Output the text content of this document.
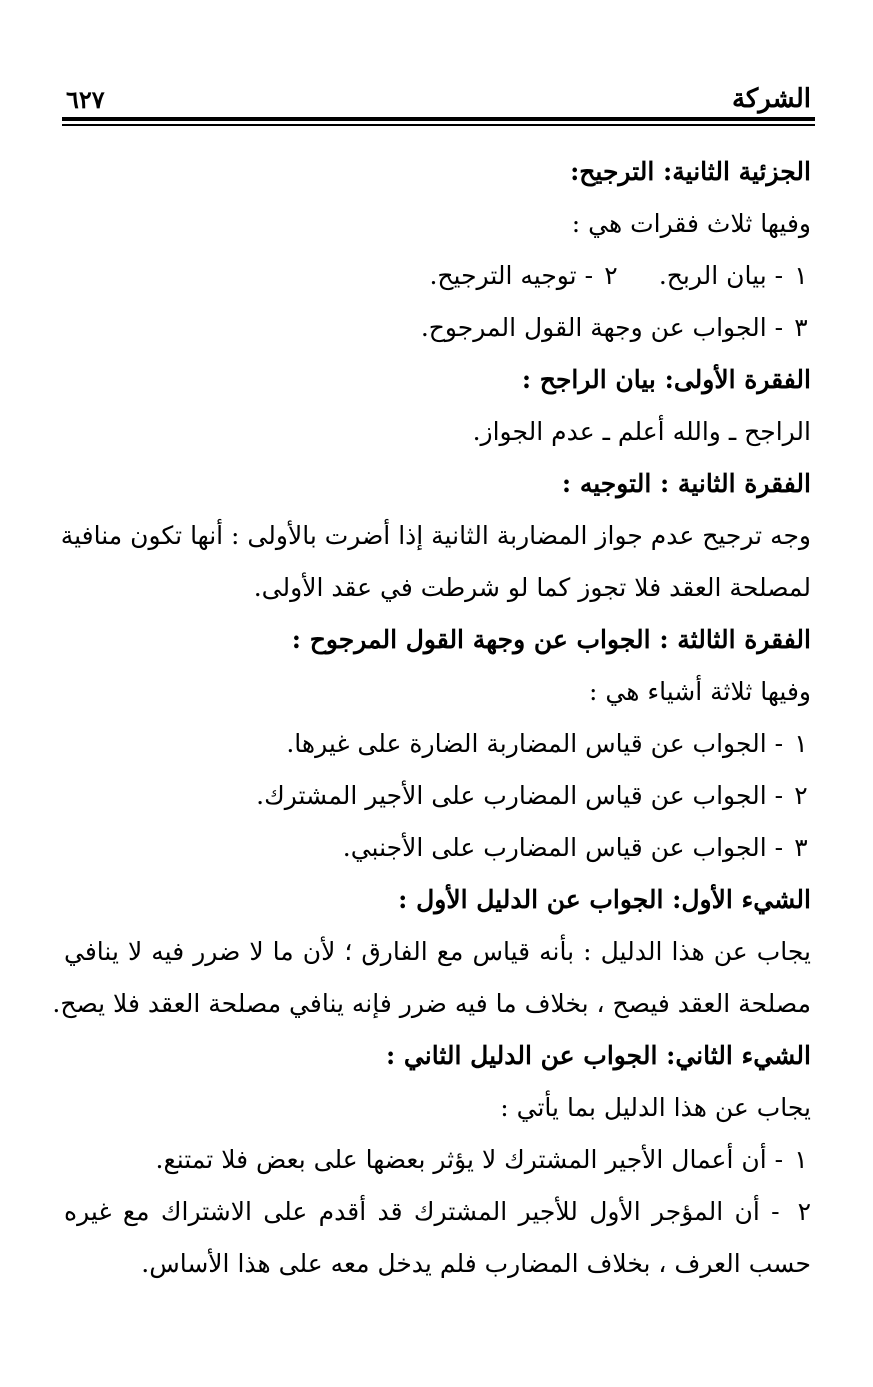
الشركة
٦٢٧
الجزئية الثانية: الترجيح:
وفيها ثلاث فقرات هي :
١ - بيان الربح.
٢ - توجيه الترجيح.
٣ - الجواب عن وجهة القول المرجوح.
الفقرة الأولى: بيان الراجح :
الراجح ـ والله أعلم ـ عدم الجواز.
الفقرة الثانية : التوجيه :
وجه ترجيح عدم جواز المضاربة الثانية إذا أضرت بالأولى : أنها تكون منافية
لمصلحة العقد فلا تجوز كما لو شرطت في عقد الأولى.
الفقرة الثالثة : الجواب عن وجهة القول المرجوح :
وفيها ثلاثة أشياء هي :
١ - الجواب عن قياس المضاربة الضارة على غيرها.
٢ - الجواب عن قياس المضارب على الأجير المشترك.
٣ - الجواب عن قياس المضارب على الأجنبي.
الشيء الأول: الجواب عن الدليل الأول :
يجاب عن هذا الدليل : بأنه قياس مع الفارق ؛ لأن ما لا ضرر فيه لا ينافي
مصلحة العقد فيصح ، بخلاف ما فيه ضرر فإنه ينافي مصلحة العقد فلا يصح.
الشيء الثاني: الجواب عن الدليل الثاني :
يجاب عن هذا الدليل بما يأتي :
١ - أن أعمال الأجير المشترك لا يؤثر بعضها على بعض فلا تمتنع.
٢ - أن المؤجر الأول للأجير المشترك قد أقدم على الاشتراك مع غيره
حسب العرف ، بخلاف المضارب فلم يدخل معه على هذا الأساس.
